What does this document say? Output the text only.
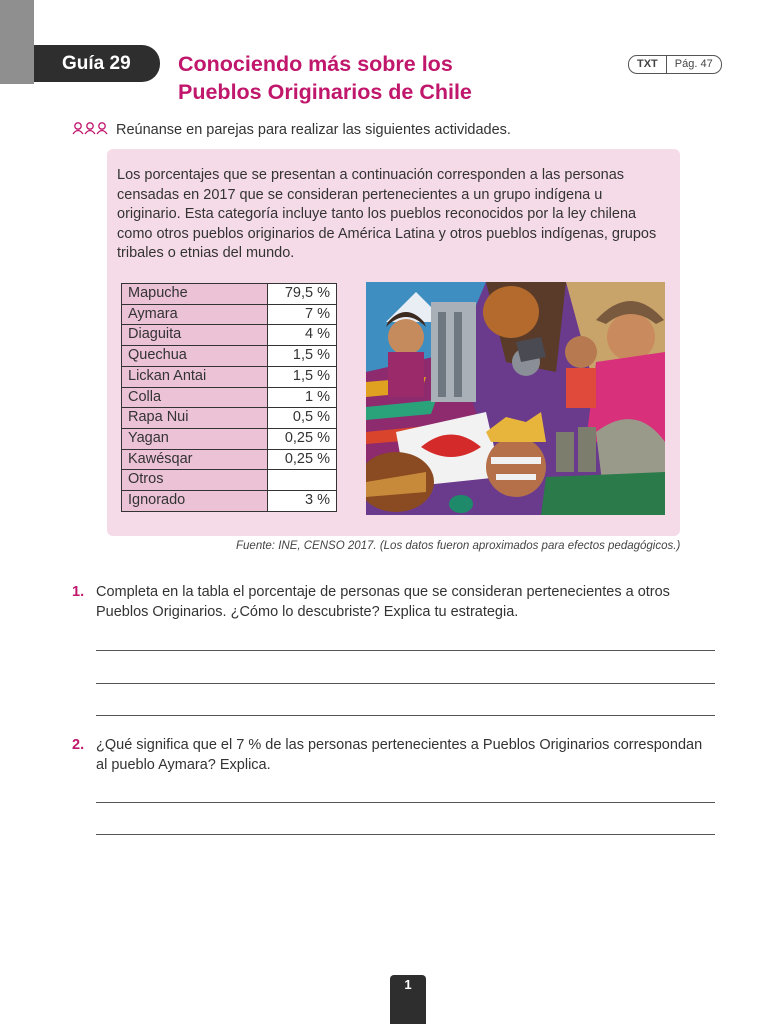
Guía 29	Conociendo más sobre los
Pueblos Originarios de Chile
TXT	Pág. 47
Reúnanse en parejas para realizar las siguientes actividades.
Los porcentajes que se presentan a continuación corresponden a las personas censadas en 2017 que se consideran pertenecientes a un grupo indígena u originario. Esta categoría incluye tanto los pueblos reconocidos por la ley chilena como otros pueblos originarios de América Latina y otros pueblos indígenas, grupos tribales o etnias del mundo.
Mapuche	79,5 %
Aymara	7 %
Diaguita	4 %
Quechua	1,5 %
Lickan Antai	1,5 %
Colla	1 %
Rapa Nui	0,5 %
Yagan	0,25 %
Kawésqar	0,25 %
Otros	
Ignorado	3 %
Fuente: INE, CENSO 2017. (Los datos fueron aproximados para efectos pedagógicos.)
1. Completa en la tabla el porcentaje de personas que se consideran pertenecientes a otros Pueblos Originarios. ¿Cómo lo descubriste? Explica tu estrategia.
2. ¿Qué significa que el 7 % de las personas pertenecientes a Pueblos Originarios correspondan al pueblo Aymara? Explica.
1
